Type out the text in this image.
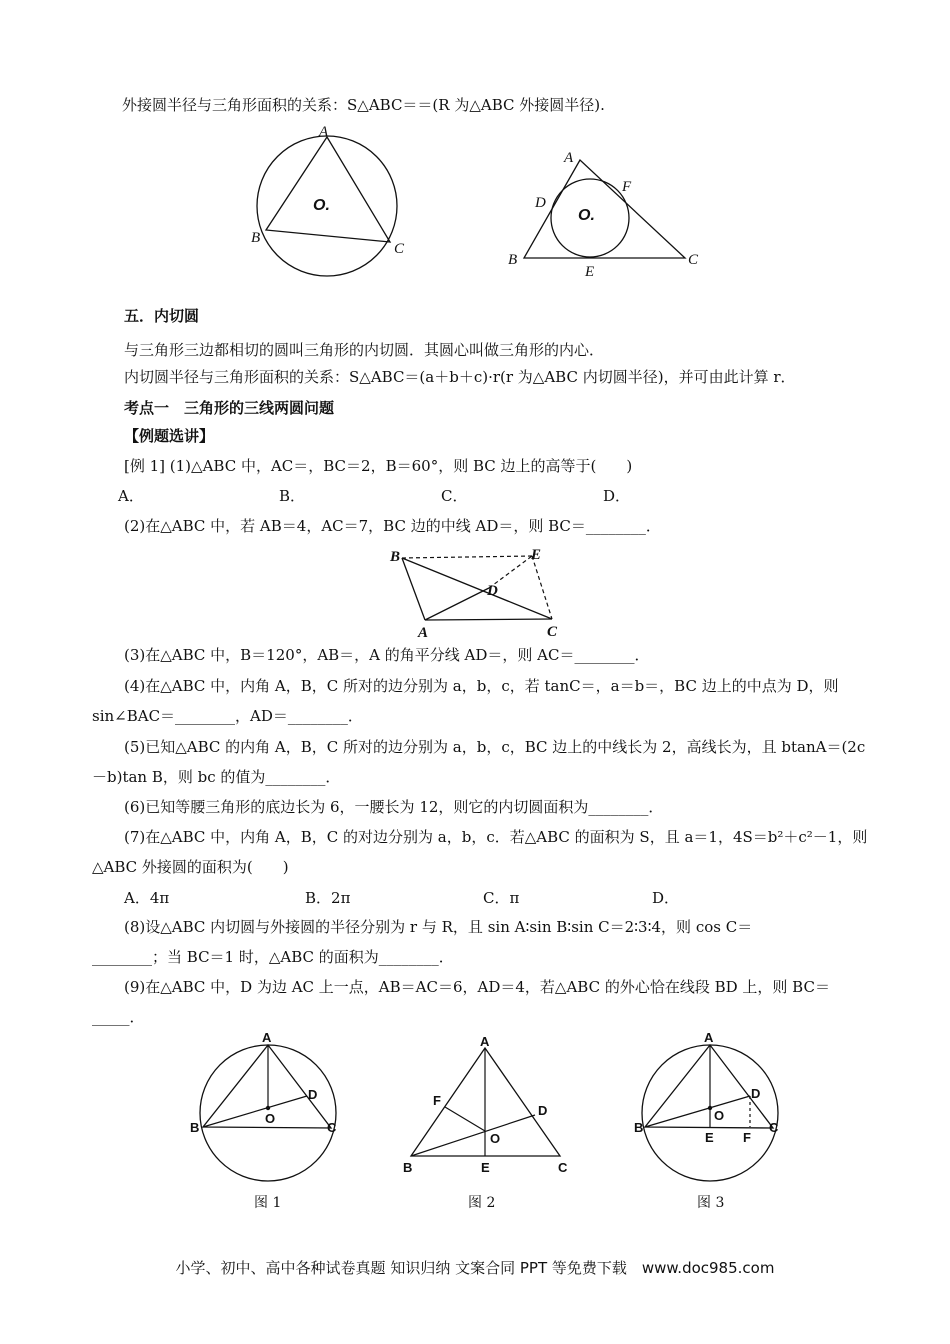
外接圆半径与三角形面积的关系：S△ABC＝＝(R 为△ABC 外接圆半径).
A
B
C
O.
A
B	C
D
E
F
O.
五．内切圆
与三角形三边都相切的圆叫三角形的内切圆．其圆心叫做三角形的内心．
内切圆半径与三角形面积的关系：S△ABC＝(a＋b＋c)·r(r 为△ABC 内切圆半径)，并可由此计算 r．
考点一　三角形的三线两圆问题
【例题选讲】
[例 1] (1)△ABC 中，AC＝，BC＝2，B＝60°，则 BC 边上的高等于(　　)
A．	B．	C．	D．
(2)在△ABC 中，若 AB＝4，AC＝7，BC 边的中线 AD＝，则 BC＝________．
B	E
D
A	C
(3)在△ABC 中，B＝120°，AB＝，A 的角平分线 AD＝，则 AC＝________．
(4)在△ABC 中，内角 A，B，C 所对的边分别为 a，b，c，若 tanC＝，a＝b＝，BC 边上的中点为 D，则
sin∠BAC＝________，AD＝________．
(5)已知△ABC 的内角 A，B，C 所对的边分别为 a，b，c，BC 边上的中线长为 2，高线长为，且 btanA＝(2c
－b)tan B，则 bc 的值为________．
(6)已知等腰三角形的底边长为 6，一腰长为 12，则它的内切圆面积为________．
(7)在△ABC 中，内角 A，B，C 的对边分别为 a，b，c．若△ABC 的面积为 S，且 a＝1，4S＝b²＋c²－1，则
△ABC 外接圆的面积为(　　)
A．4π	B．2π	C．π	D．
(8)设△ABC 内切圆与外接圆的半径分别为 r 与 R，且 sin A∶sin B∶sin C＝2∶3∶4，则 cos C＝
________；当 BC＝1 时，△ABC 的面积为________．
(9)在△ABC 中，D 为边 AC 上一点，AB＝AC＝6，AD＝4，若△ABC 的外心恰在线段 BD 上，则 BC＝
_____．
A
B	C
D
O
图 1
A
B	C
D
E
F
O
图 2
A
B	C
D
E F
O
图 3
小学、初中、高中各种试卷真题 知识归纳 文案合同 PPT 等免费下载　www.doc985.com
